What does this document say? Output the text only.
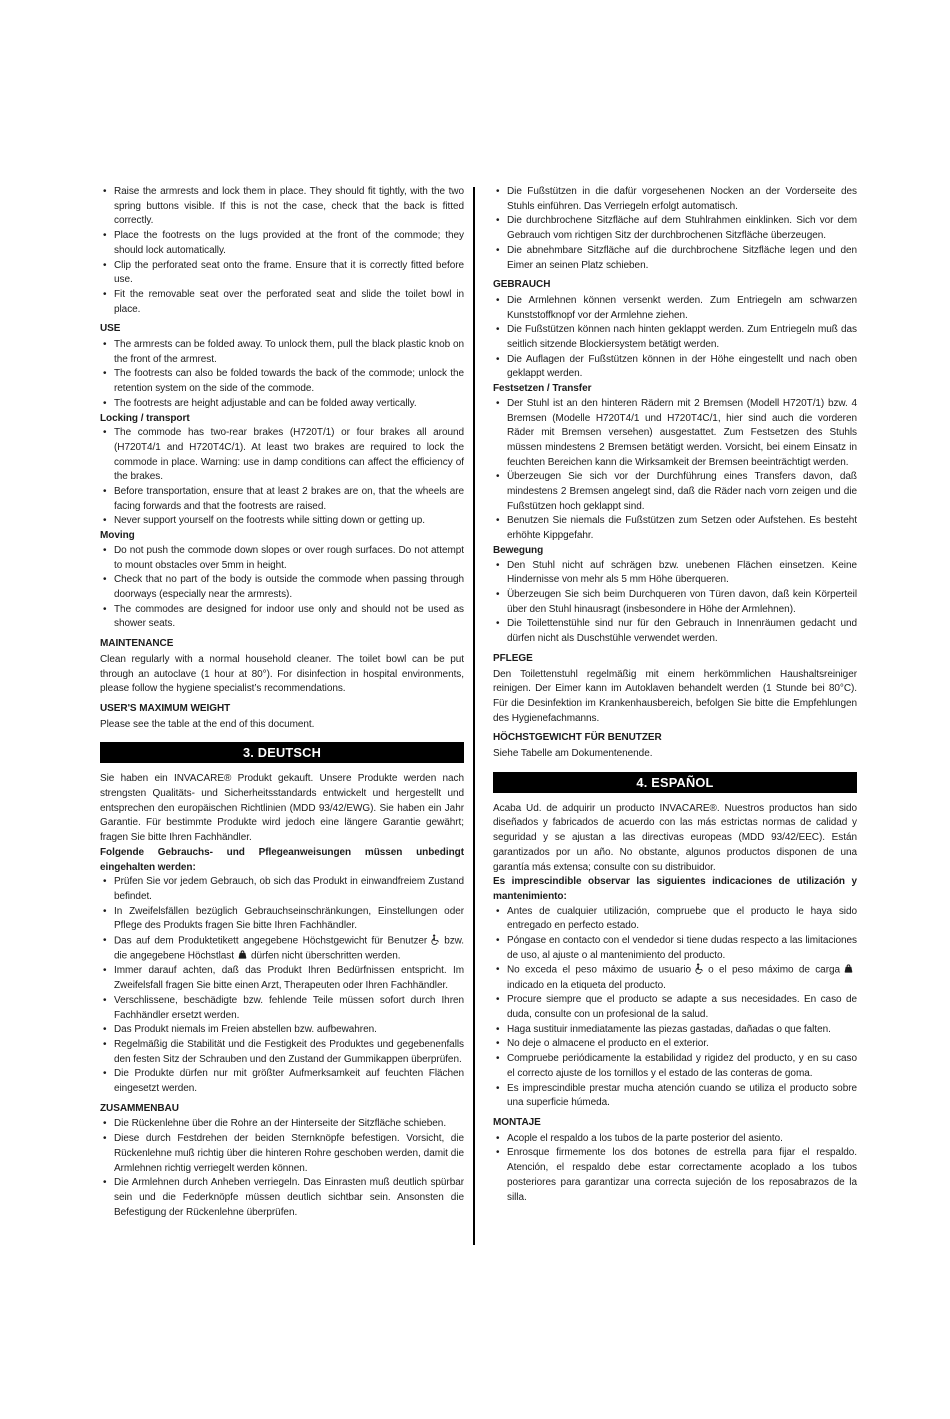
• Raise the armrests and lock them in place. They should fit tightly, with the two spring buttons visible. If this is not the case, check that the back is fitted correctly.
• Place the footrests on the lugs provided at the front of the commode; they should lock automatically.
• Clip the perforated seat onto the frame. Ensure that it is correctly fitted before use.
• Fit the removable seat over the perforated seat and slide the toilet bowl in place.
USE
• The armrests can be folded away. To unlock them, pull the black plastic knob on the front of the armrest.
• The footrests can also be folded towards the back of the commode; unlock the retention system on the side of the commode.
• The footrests are height adjustable and can be folded away vertically.
Locking / transport
• The commode has two-rear brakes (H720T/1) or four brakes all around (H720T4/1 and H720T4C/1). At least two brakes are required to lock the commode in place. Warning: use in damp conditions can affect the efficiency of the brakes.
• Before transportation, ensure that at least 2 brakes are on, that the wheels are facing forwards and that the footrests are raised.
• Never support yourself on the footrests while sitting down or getting up.
Moving
• Do not push the commode down slopes or over rough surfaces. Do not attempt to mount obstacles over 5mm in height.
• Check that no part of the body is outside the commode when passing through doorways (especially near the armrests).
• The commodes are designed for indoor use only and should not be used as shower seats.
MAINTENANCE

Clean regularly with a normal household cleaner. The toilet bowl can be put through an autoclave (1 hour at 80°). For disinfection in hospital environments, please follow the hygiene specialist’s recommendations.

USER'S MAXIMUM WEIGHT

Please see the table at the end of this document.

3. DEUTSCH

Sie haben ein INVACARE® Produkt gekauft. Unsere Produkte werden nach strengsten Qualitäts- und Sicherheitsstandards entwickelt und hergestellt und entsprechen den europäischen Richtlinien (MDD 93/42/EWG). Sie haben ein Jahr Garantie. Für bestimmte Produkte wird jedoch eine längere Garantie gewährt; fragen Sie bitte Ihren Fachhändler.

Folgende Gebrauchs- und Pflegeanweisungen müssen unbedingt eingehalten werden:

• Prüfen Sie vor jedem Gebrauch, ob sich das Produkt in einwandfreiem Zustand befindet.
• In Zweifelsfällen bezüglich Gebrauchseinschränkungen, Einstellungen oder Pflege des Produkts fragen Sie bitte Ihren Fachhändler.
• Das auf dem Produktetikett angegebene Höchstgewicht für Benutzer bzw. die angegebene Höchstlast dürfen nicht überschritten werden.
• Immer darauf achten, daß das Produkt Ihren Bedürfnissen entspricht. Im Zweifelsfall fragen Sie bitte einen Arzt, Therapeuten oder Ihren Fachhändler.
• Verschlissene, beschädigte bzw. fehlende Teile müssen sofort durch Ihren Fachhändler ersetzt werden.
• Das Produkt niemals im Freien abstellen bzw. aufbewahren.
• Regelmäßig die Stabilität und die Festigkeit des Produktes und gegebenenfalls den festen Sitz der Schrauben und den Zustand der Gummikappen überprüfen.
• Die Produkte dürfen nur mit größter Aufmerksamkeit auf feuchten Flächen eingesetzt werden.
ZUSAMMENBAU
• Die Rückenlehne über die Rohre an der Hinterseite der Sitzfläche schieben.
• Diese durch Festdrehen der beiden Sternknöpfe befestigen. Vorsicht, die Rückenlehne muß richtig über die hinteren Rohre geschoben werden, damit die Armlehnen richtig verriegelt werden können.
• Die Armlehnen durch Anheben verriegeln. Das Einrasten muß deutlich spürbar sein und die Federknöpfe müssen deutlich sichtbar sein. Ansonsten die Befestigung der Rückenlehne überprüfen.
• Die Fußstützen in die dafür vorgesehenen Nocken an der Vorderseite des Stuhls einführen. Das Verriegeln erfolgt automatisch.
• Die durchbrochene Sitzfläche auf dem Stuhlrahmen einklinken. Sich vor dem Gebrauch vom richtigen Sitz der durchbrochenen Sitzfläche überzeugen.
• Die abnehmbare Sitzfläche auf die durchbrochene Sitzfläche legen und den Eimer an seinen Platz schieben.
GEBRAUCH
• Die Armlehnen können versenkt werden. Zum Entriegeln am schwarzen Kunststoffknopf vor der Armlehne ziehen.
• Die Fußstützen können nach hinten geklappt werden. Zum Entriegeln muß das seitlich sitzende Blockiersystem betätigt werden.
• Die Auflagen der Fußstützen können in der Höhe eingestellt und nach oben geklappt werden.
Festsetzen / Transfer
• Der Stuhl ist an den hinteren Rädern mit 2 Bremsen (Modell H720T/1) bzw. 4 Bremsen (Modelle H720T4/1 und H720T4C/1, hier sind auch die vorderen Räder mit Bremsen versehen) ausgestattet. Zum Festsetzen des Stuhls müssen mindestens 2 Bremsen betätigt werden. Vorsicht, bei einem Einsatz in feuchten Bereichen kann die Wirksamkeit der Bremsen beeinträchtigt werden.
• Überzeugen Sie sich vor der Durchführung eines Transfers davon, daß mindestens 2 Bremsen angelegt sind, daß die Räder nach vorn zeigen und die Fußstützen hoch geklappt sind.
• Benutzen Sie niemals die Fußstützen zum Setzen oder Aufstehen. Es besteht erhöhte Kippgefahr.
Bewegung
• Den Stuhl nicht auf schrägen bzw. unebenen Flächen einsetzen. Keine Hindernisse von mehr als 5 mm Höhe überqueren.
• Überzeugen Sie sich beim Durchqueren von Türen davon, daß kein Körperteil über den Stuhl hinausragt (insbesondere in Höhe der Armlehnen).
• Die Toilettenstühle sind nur für den Gebrauch in Innenräumen gedacht und dürfen nicht als Duschstühle verwendet werden.
PFLEGE

Den Toilettenstuhl regelmäßig mit einem herkömmlichen Haushaltsreiniger reinigen. Der Eimer kann im Autoklaven behandelt werden (1 Stunde bei 80°C). Für die Desinfektion im Krankenhausbereich, befolgen Sie bitte die Empfehlungen des Hygienefachmanns.

HÖCHSTGEWICHT FÜR BENUTZER

Siehe Tabelle am Dokumentenende.

4. ESPAÑOL

Acaba Ud. de adquirir un producto INVACARE®. Nuestros productos han sido diseñados y fabricados de acuerdo con las más estrictas normas de calidad y seguridad y se ajustan a las directivas europeas (MDD 93/42/EEC). Están garantizados por un año. No obstante, algunos productos disponen de una garantía más extensa; consulte con su distribuidor.

Es imprescindible observar las siguientes indicaciones de utilización y mantenimiento:

• Antes de cualquier utilización, compruebe que el producto le haya sido entregado en perfecto estado.
• Póngase en contacto con el vendedor si tiene dudas respecto a las limitaciones de uso, al ajuste o al mantenimiento del producto.
• No exceda el peso máximo de usuario o el peso máximo de carga
indicado en la etiqueta del producto.
• Procure siempre que el producto se adapte a sus necesidades. En caso de duda, consulte con un profesional de la salud.
• Haga sustituir inmediatamente las piezas gastadas, dañadas o que falten.
• No deje o almacene el producto en el exterior.
• Compruebe periódicamente la estabilidad y rigidez del producto, y en su caso el correcto ajuste de los tornillos y el estado de las conteras de goma.
• Es imprescindible prestar mucha atención cuando se utiliza el producto sobre una superficie húmeda.
MONTAJE
• Acople el respaldo a los tubos de la parte posterior del asiento.
• Enrosque firmemente los dos botones de estrella para fijar el respaldo. Atención, el respaldo debe estar correctamente acoplado a los tubos posteriores para garantizar una correcta sujeción de los reposabrazos de la silla.
